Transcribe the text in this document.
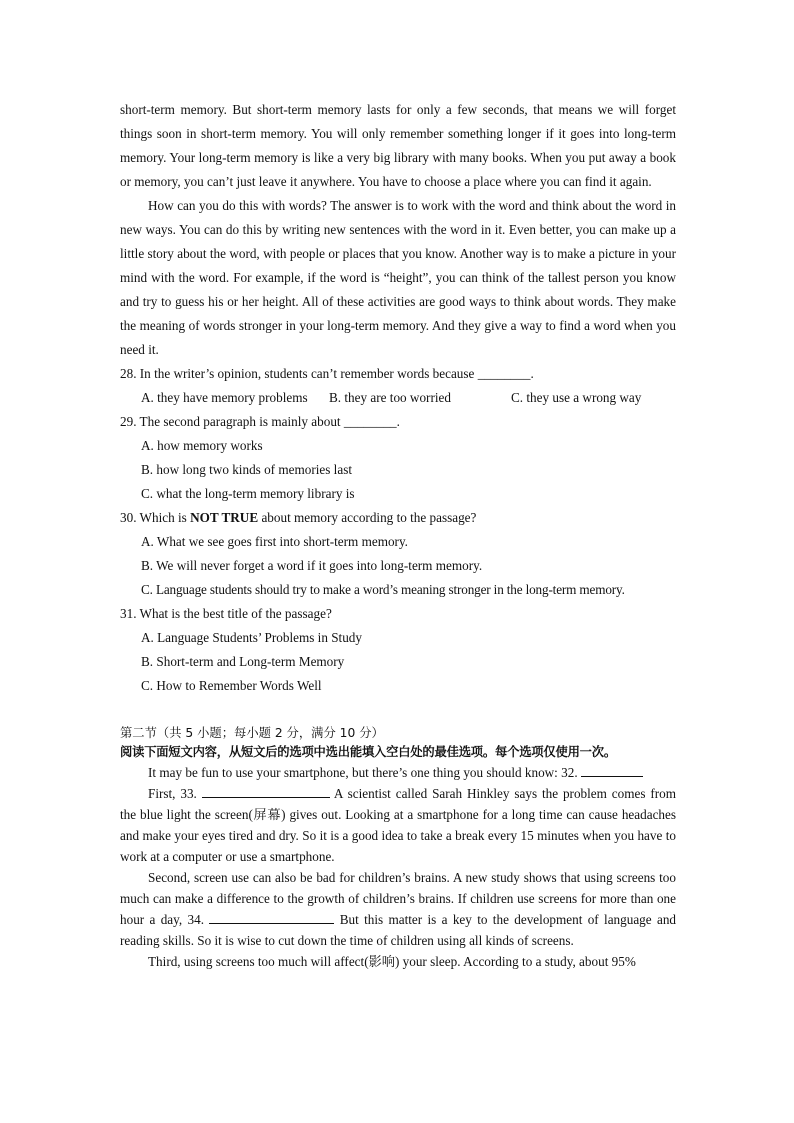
short-term memory. But short-term memory lasts for only a few seconds, that means we will forget things soon in short-term memory. You will only remember something longer if it goes into long-term memory. Your long-term memory is like a very big library with many books. When you put away a book or memory, you can’t just leave it anywhere. You have to choose a place where you can find it again.

How can you do this with words? The answer is to work with the word and think about the word in new ways. You can do this by writing new sentences with the word in it. Even better, you can make up a little story about the word, with people or places that you know. Another way is to make a picture in your mind with the word. For example, if the word is “height”, you can think of the tallest person you know and try to guess his or her height. All of these activities are good ways to think about words. They make the meaning of words stronger in your long-term memory. And they give a way to find a word when you need it.

28. In the writer’s opinion, students can’t remember words because ________.

A. they have memory problems	B. they are too worried	C. they use a wrong way

29. The second paragraph is mainly about ________.

A. how memory works

B. how long two kinds of memories last

C. what the long-term memory library is

30. Which is NOT TRUE about memory according to the passage?

A. What we see goes first into short-term memory.

B. We will never forget a word if it goes into long-term memory.

C. Language students should try to make a word’s meaning stronger in the long-term memory.

31. What is the best title of the passage?

A. Language Students’ Problems in Study

B. Short-term and Long-term Memory

C. How to Remember Words Well

第二节（共 5 小题；每小题 2 分，满分 10 分）

阅读下面短文内容，从短文后的选项中选出能填入空白处的最佳选项。每个选项仅使用一次。

It may be fun to use your smartphone, but there’s one thing you should know: 32.

First, 33.	A scientist called Sarah Hinkley says the problem comes from the blue light the screen(屏幕) gives out. Looking at a smartphone for a long time can cause headaches and make your eyes tired and dry. So it is a good idea to take a break every 15 minutes when you have to work at a computer or use a smartphone.

Second, screen use can also be bad for children’s brains. A new study shows that using screens too much can make a difference to the growth of children’s brains. If children use screens for more than one hour a day, 34.	But this matter is a key to the development of language and reading skills. So it is wise to cut down the time of children using all kinds of screens.

Third, using screens too much will affect(影响) your sleep. According to a study, about 95%
